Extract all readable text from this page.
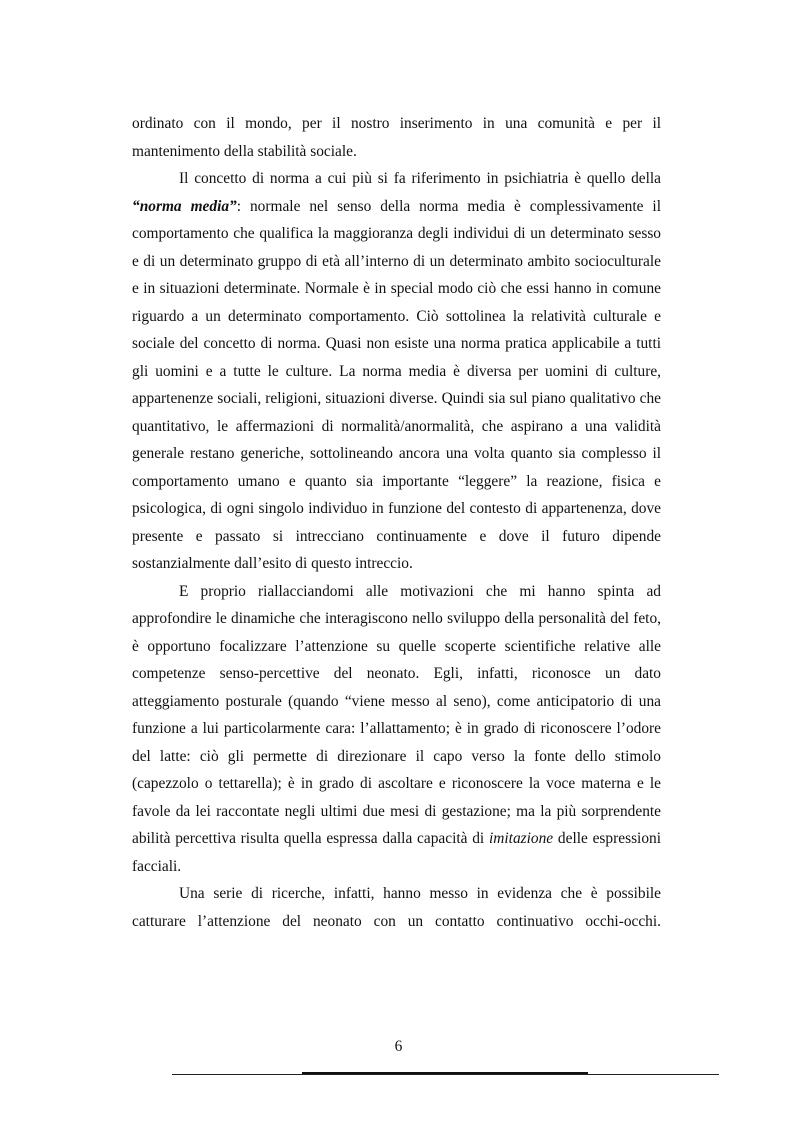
ordinato con il mondo, per il nostro inserimento in una comunità e per il mantenimento della stabilità sociale.

Il concetto di norma a cui più si fa riferimento in psichiatria è quello della “norma media”: normale nel senso della norma media è complessivamente il comportamento che qualifica la maggioranza degli individui di un determinato sesso e di un determinato gruppo di età all’interno di un determinato ambito socioculturale e in situazioni determinate. Normale è in special modo ciò che essi hanno in comune riguardo a un determinato comportamento. Ciò sottolinea la relatività culturale e sociale del concetto di norma. Quasi non esiste una norma pratica applicabile a tutti gli uomini e a tutte le culture. La norma media è diversa per uomini di culture, appartenenze sociali, religioni, situazioni diverse. Quindi sia sul piano qualitativo che quantitativo, le affermazioni di normalità/anormalità, che aspirano a una validità generale restano generiche, sottolineando ancora una volta quanto sia complesso il comportamento umano e quanto sia importante “leggere” la reazione, fisica e psicologica, di ogni singolo individuo in funzione del contesto di appartenenza, dove presente e passato si intrecciano continuamente e dove il futuro dipende sostanzialmente dall’esito di questo intreccio.

E proprio riallacciandomi alle motivazioni che mi hanno spinta ad approfondire le dinamiche che interagiscono nello sviluppo della personalità del feto, è opportuno focalizzare l’attenzione su quelle scoperte scientifiche relative alle competenze senso-percettive del neonato. Egli, infatti, riconosce un dato atteggiamento posturale (quando “viene messo al seno), come anticipatorio di una funzione a lui particolarmente cara: l’allattamento; è in grado di riconoscere l’odore del latte: ciò gli permette di direzionare il capo verso la fonte dello stimolo (capezzolo o tettarella); è in grado di ascoltare e riconoscere la voce materna e le favole da lei raccontate negli ultimi due mesi di gestazione; ma la più sorprendente abilità percettiva risulta quella espressa dalla capacità di imitazione delle espressioni facciali.

Una serie di ricerche, infatti, hanno messo in evidenza che è possibile catturare l’attenzione del neonato con un contatto continuativo occhi-occhi.

6
